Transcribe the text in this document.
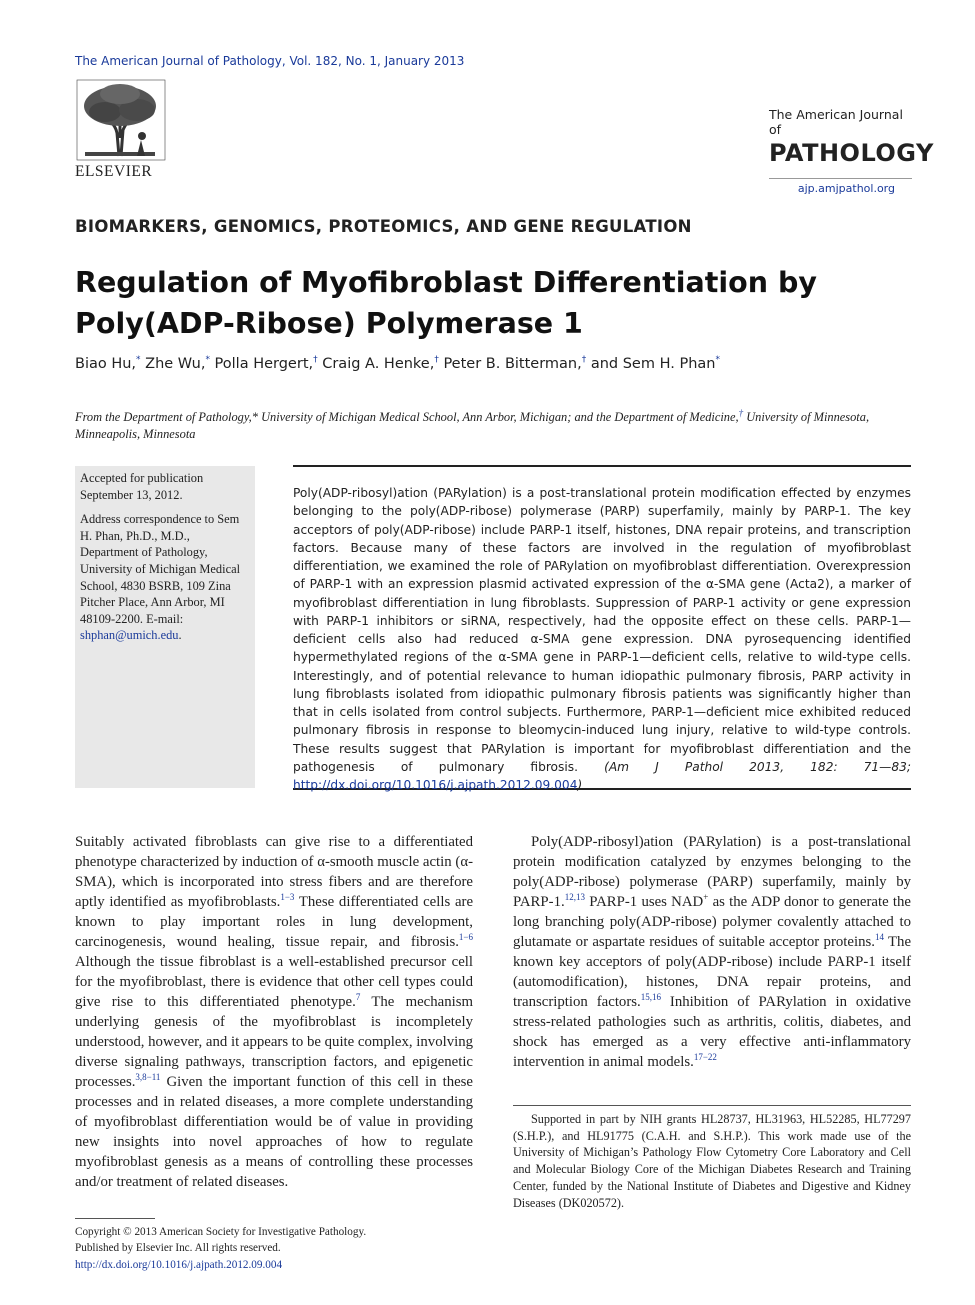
The American Journal of Pathology, Vol. 182, No. 1, January 2013
ELSEVIER
The American Journal of
PATHOLOGY
ajp.amjpathol.org
BIOMARKERS, GENOMICS, PROTEOMICS, AND GENE REGULATION
Regulation of Myofibroblast Differentiation by
Poly(ADP-Ribose) Polymerase 1
Biao Hu,* Zhe Wu,* Polla Hergert,† Craig A. Henke,† Peter B. Bitterman,† and Sem H. Phan*
From the Department of Pathology,* University of Michigan Medical School, Ann Arbor, Michigan; and the Department of Medicine,† University of Minnesota, Minneapolis, Minnesota

Accepted for publication September 13, 2012.

Address correspondence to Sem H. Phan, Ph.D., M.D., Department of Pathology, University of Michigan Medical School, 4830 BSRB, 109 Zina Pitcher Place, Ann Arbor, MI 48109-2200. E-mail: shphan@umich.edu.

Poly(ADP-ribosyl)ation (PARylation) is a post-translational protein modification effected by enzymes belonging to the poly(ADP-ribose) polymerase (PARP) superfamily, mainly by PARP-1. The key acceptors of poly(ADP-ribose) include PARP-1 itself, histones, DNA repair proteins, and transcription factors. Because many of these factors are involved in the regulation of myofibroblast differentiation, we examined the role of PARylation on myofibroblast differentiation. Overexpression of PARP-1 with an expression plasmid activated expression of the α-SMA gene (Acta2), a marker of myofibroblast differentiation in lung fibroblasts. Suppression of PARP-1 activity or gene expression with PARP-1 inhibitors or siRNA, respectively, had the opposite effect on these cells. PARP-1—deficient cells also had reduced α-SMA gene expression. DNA pyrosequencing identified hypermethylated regions of the α-SMA gene in PARP-1—deficient cells, relative to wild-type cells. Interestingly, and of potential relevance to human idiopathic pulmonary fibrosis, PARP activity in lung fibroblasts isolated from idiopathic pulmonary fibrosis patients was significantly higher than that in cells isolated from control subjects. Furthermore, PARP-1—deficient mice exhibited reduced pulmonary fibrosis in response to bleomycin-induced lung injury, relative to wild-type controls. These results suggest that PARylation is important for myofibroblast differentiation and the pathogenesis of pulmonary fibrosis. (Am J Pathol 2013, 182: 71—83; http://dx.doi.org/10.1016/j.ajpath.2012.09.004)
Suitably activated fibroblasts can give rise to a differentiated phenotype characterized by induction of α-smooth muscle actin (α-SMA), which is incorporated into stress fibers and are therefore aptly identified as myofibroblasts.$^{1-3}$ These differentiated cells are known to play important roles in lung development, carcinogenesis, wound healing, tissue repair, and fibrosis.$^{1-6}$ Although the tissue fibroblast is a well-established precursor cell for the myofibroblast, there is evidence that other cell types could give rise to this differentiated phenotype.$^7$ The mechanism underlying genesis of the myofibroblast is incompletely understood, however, and it appears to be quite complex, involving diverse signaling pathways, transcription factors, and epigenetic processes.$^{3,8-11}$ Given the important function of this cell in these processes and in related diseases, a more complete understanding of myofibroblast differentiation would be of value in providing new insights into novel approaches of how to regulate myofibroblast genesis as a means of controlling these processes and/or treatment of related diseases.

Poly(ADP-ribosyl)ation (PARylation) is a post-translational protein modification catalyzed by enzymes belonging to the poly(ADP-ribose) polymerase (PARP) superfamily, mainly by PARP-1.$^{12,13}$ PARP-1 uses NAD+ as the ADP donor to generate the long branching poly(ADP-ribose) polymer covalently attached to glutamate or aspartate residues of suitable acceptor proteins.$^{14}$ The known key acceptors of poly(ADP-ribose) include PARP-1 itself (automodification), histones, DNA repair proteins, and transcription factors.$^{15,16}$ Inhibition of PARylation in oxidative stress-related pathologies such as arthritis, colitis, diabetes, and shock has emerged as a very effective anti-inflammatory intervention in animal models.$^{17-22}$

Supported in part by NIH grants HL28737, HL31963, HL52285, HL77297 (S.H.P.), and HL91775 (C.A.H. and S.H.P.). This work made use of the University of Michigan’s Pathology Flow Cytometry Core Laboratory and Cell and Molecular Biology Core of the Michigan Diabetes Research and Training Center, funded by the National Institute of Diabetes and Digestive and Kidney Diseases (DK020572).
Copyright © 2013 American Society for Investigative Pathology.
Published by Elsevier Inc. All rights reserved.
http://dx.doi.org/10.1016/j.ajpath.2012.09.004
